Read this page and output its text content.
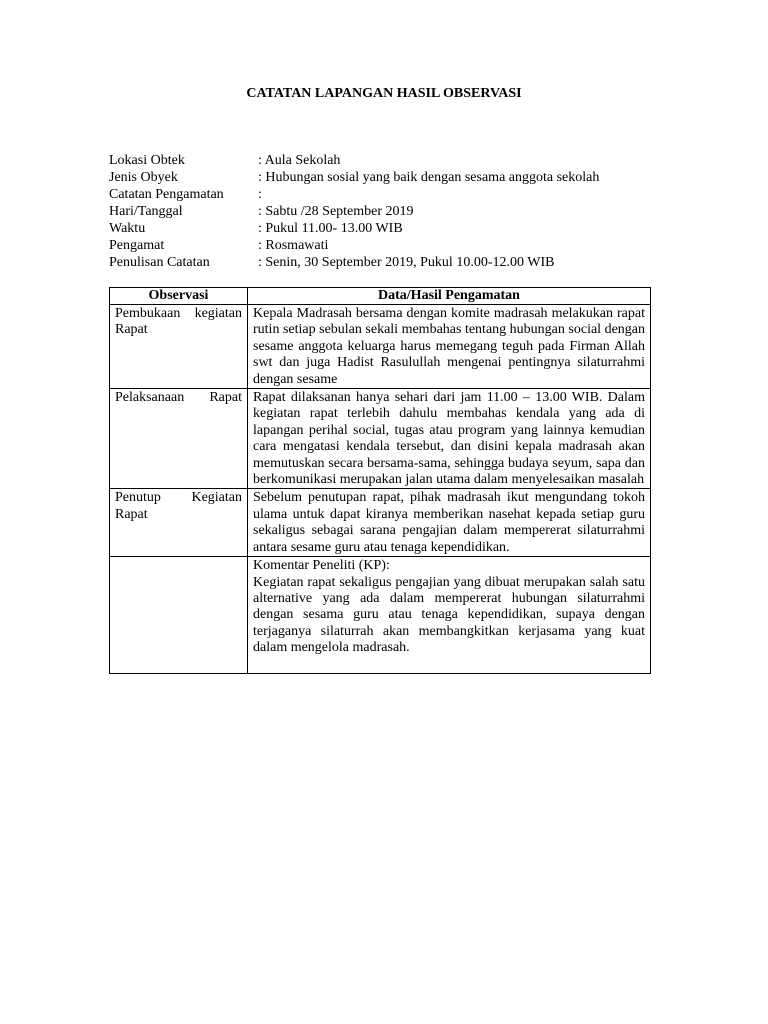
CATATAN LAPANGAN HASIL OBSERVASI
Lokasi Obtek	: Aula Sekolah
Jenis Obyek	: Hubungan sosial yang baik dengan sesama anggota sekolah
Catatan Pengamatan	:
Hari/Tanggal	: Sabtu /28 September 2019
Waktu	: Pukul 11.00- 13.00 WIB
Pengamat	: Rosmawati
Penulisan Catatan	: Senin, 30 September 2019, Pukul 10.00-12.00 WIB
Observasi	Data/Hasil Pengamatan
Pembukaan kegiatan
Rapat	Kepala Madrasah bersama dengan komite madrasah melakukan rapat rutin setiap sebulan sekali membahas tentang hubungan social dengan sesame anggota keluarga harus memegang teguh pada Firman Allah swt dan juga Hadist Rasulullah mengenai pentingnya silaturrahmi dengan sesame
Pelaksanaan Rapat	Rapat dilaksanan hanya sehari dari jam 11.00 – 13.00 WIB. Dalam kegiatan rapat terlebih dahulu membahas kendala yang ada di lapangan perihal social, tugas atau program yang lainnya kemudian cara mengatasi kendala tersebut, dan disini kepala madrasah akan memutuskan secara bersama-sama, sehingga budaya seyum, sapa dan berkomunikasi merupakan jalan utama dalam menyelesaikan masalah
Penutup Kegiatan
Rapat	Sebelum penutupan rapat, pihak madrasah ikut mengundang tokoh ulama untuk dapat kiranya memberikan nasehat kepada setiap guru sekaligus sebagai sarana pengajian dalam mempererat silaturrahmi antara sesame guru atau tenaga kependidikan.

	Komentar Peneliti (KP):
Kegiatan rapat sekaligus pengajian yang dibuat merupakan salah satu alternative yang ada dalam mempererat hubungan silaturrahmi dengan sesama guru atau tenaga kependidikan, supaya dengan terjaganya silaturrah akan membangkitkan kerjasama yang kuat dalam mengelola madrasah.
